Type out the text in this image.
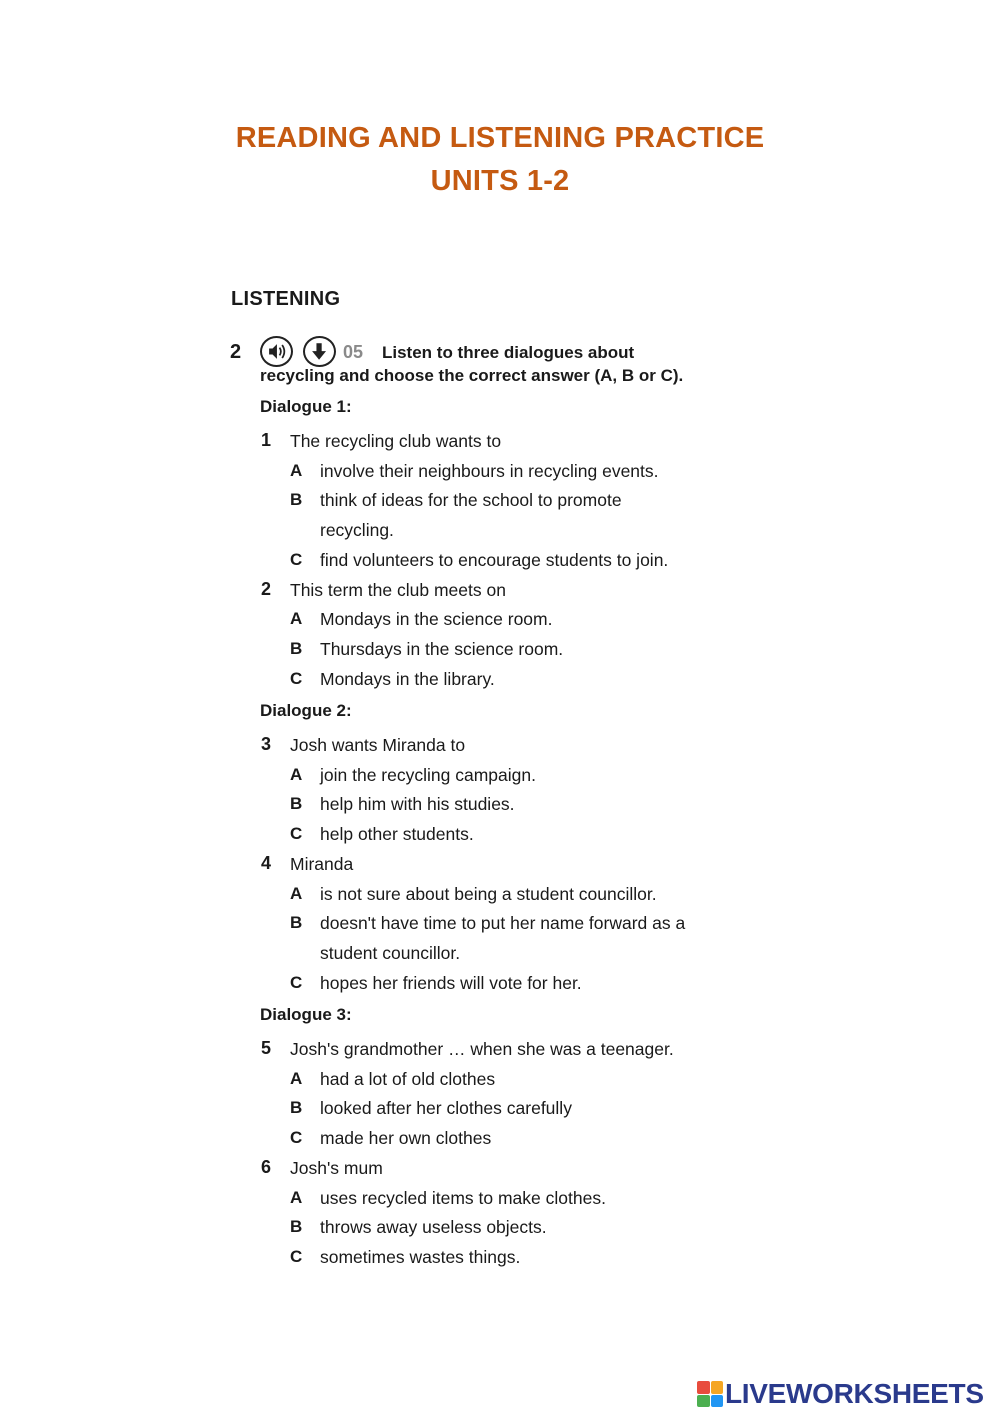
READING AND LISTENING PRACTICE
UNITS 1-2
LISTENING
2	05 Listen to three dialogues about
recycling and choose the correct answer (A, B or C).
Dialogue 1:
1 The recycling club wants to
A involve their neighbours in recycling events.
B think of ideas for the school to promote
recycling.
C find volunteers to encourage students to join.
2 This term the club meets on
A Mondays in the science room.
B Thursdays in the science room.
C Mondays in the library.
Dialogue 2:
3 Josh wants Miranda to
A join the recycling campaign.
B help him with his studies.
C help other students.
4 Miranda
A is not sure about being a student councillor.
B doesn't have time to put her name forward as a
student councillor.
C hopes her friends will vote for her.
Dialogue 3:
5 Josh's grandmother … when she was a teenager.
A had a lot of old clothes
B looked after her clothes carefully
C made her own clothes
6 Josh's mum
A uses recycled items to make clothes.
B throws away useless objects.
C sometimes wastes things.
LIVEWORKSHEETS
